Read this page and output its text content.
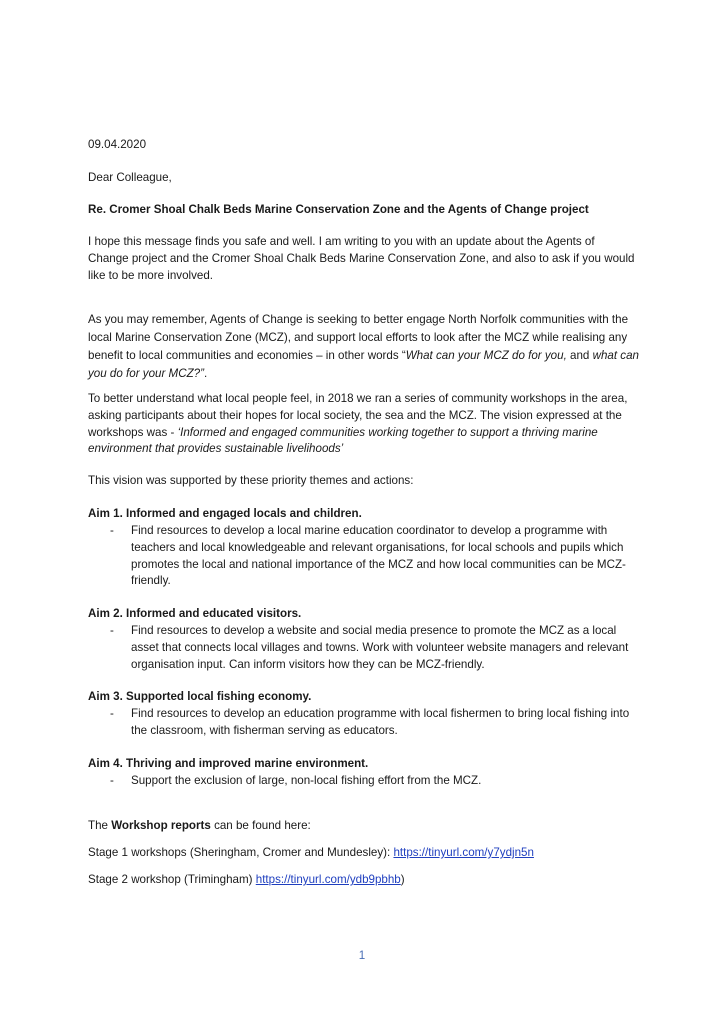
09.04.2020

Dear Colleague,

Re. Cromer Shoal Chalk Beds Marine Conservation Zone and the Agents of Change project

I hope this message finds you safe and well. I am writing to you with an update about the Agents of Change project and the Cromer Shoal Chalk Beds Marine Conservation Zone, and also to ask if you would like to be more involved.

As you may remember, Agents of Change is seeking to better engage North Norfolk communities with the local Marine Conservation Zone (MCZ), and support local efforts to look after the MCZ while realising any benefit to local communities and economies – in other words “What can your MCZ do for you, and what can you do for your MCZ?”.

To better understand what local people feel, in 2018 we ran a series of community workshops in the area, asking participants about their hopes for local society, the sea and the MCZ. The vision expressed at the workshops was - ‘Informed and engaged communities working together to support a thriving marine environment that provides sustainable livelihoods’

This vision was supported by these priority themes and actions:

Aim 1. Informed and engaged locals and children.

-	Find resources to develop a local marine education coordinator to develop a programme with teachers and local knowledgeable and relevant organisations, for local schools and pupils which promotes the local and national importance of the MCZ and how local communities can be MCZ-friendly.

Aim 2. Informed and educated visitors.

-	Find resources to develop a website and social media presence to promote the MCZ as a local asset that connects local villages and towns. Work with volunteer website managers and relevant organisation input. Can inform visitors how they can be MCZ-friendly.

Aim 3. Supported local fishing economy.

-	Find resources to develop an education programme with local fishermen to bring local fishing into the classroom, with fisherman serving as educators.

Aim 4. Thriving and improved marine environment.

-	Support the exclusion of large, non-local fishing effort from the MCZ.

The Workshop reports can be found here:

Stage 1 workshops (Sheringham, Cromer and Mundesley): https://tinyurl.com/y7ydjn5n

Stage 2 workshop (Trimingham) https://tinyurl.com/ydb9pbhb)

1
